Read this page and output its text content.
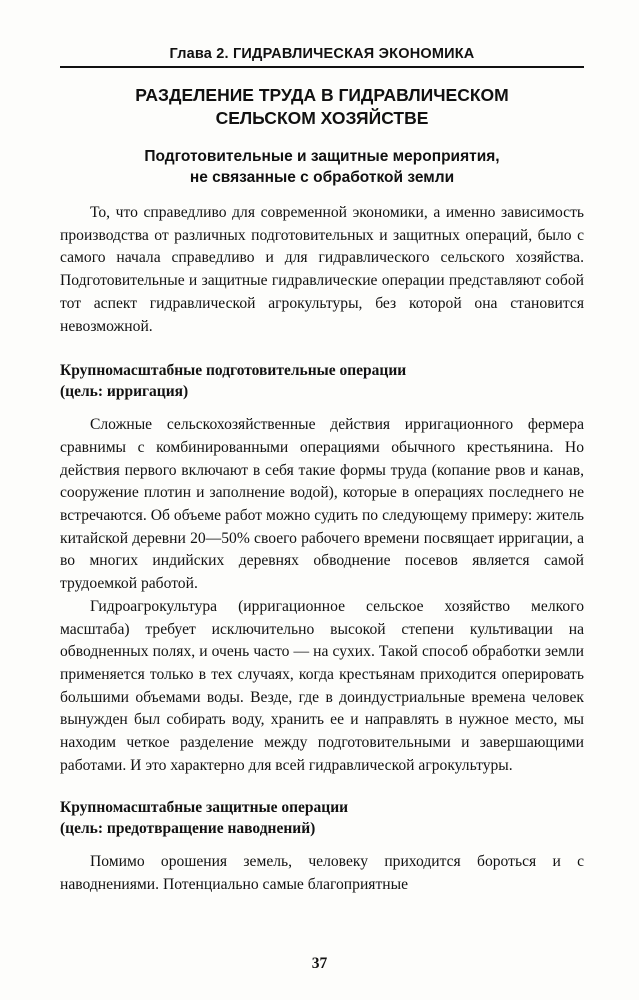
Глава 2. ГИДРАВЛИЧЕСКАЯ ЭКОНОМИКА
РАЗДЕЛЕНИЕ ТРУДА В ГИДРАВЛИЧЕСКОМ
СЕЛЬСКОМ ХОЗЯЙСТВЕ
Подготовительные и защитные мероприятия,
не связанные с обработкой земли

То, что справедливо для современной экономики, а именно зависимость производства от различных подготовительных и защитных операций, было с самого начала справедливо и для гидравлического сельского хозяйства. Подготовительные и защитные гидравлические операции представляют собой тот аспект гидравлической агрокультуры, без которой она становится невозможной.

Крупномасштабные подготовительные операции
(цель: ирригация)

Сложные сельскохозяйственные действия ирригационного фермера сравнимы с комбинированными операциями обычного крестьянина. Но действия первого включают в себя такие формы труда (копание рвов и канав, сооружение плотин и заполнение водой), которые в операциях последнего не встречаются. Об объеме работ можно судить по следующему примеру: житель китайской деревни 20—50% своего рабочего времени посвящает ирригации, а во многих индийских деревнях обводнение посевов является самой трудоемкой работой.

Гидроагрокультура (ирригационное сельское хозяйство мелкого масштаба) требует исключительно высокой степени культивации на обводненных полях, и очень часто — на сухих. Такой способ обработки земли применяется только в тех случаях, когда крестьянам приходится оперировать большими объемами воды. Везде, где в доиндустриальные времена человек вынужден был собирать воду, хранить ее и направлять в нужное место, мы находим четкое разделение между подготовительными и завершающими работами. И это характерно для всей гидравлической агрокультуры.

Крупномасштабные защитные операции
(цель: предотвращение наводнений)

Помимо орошения земель, человеку приходится бороться и с наводнениями. Потенциально самые благоприятные

37
